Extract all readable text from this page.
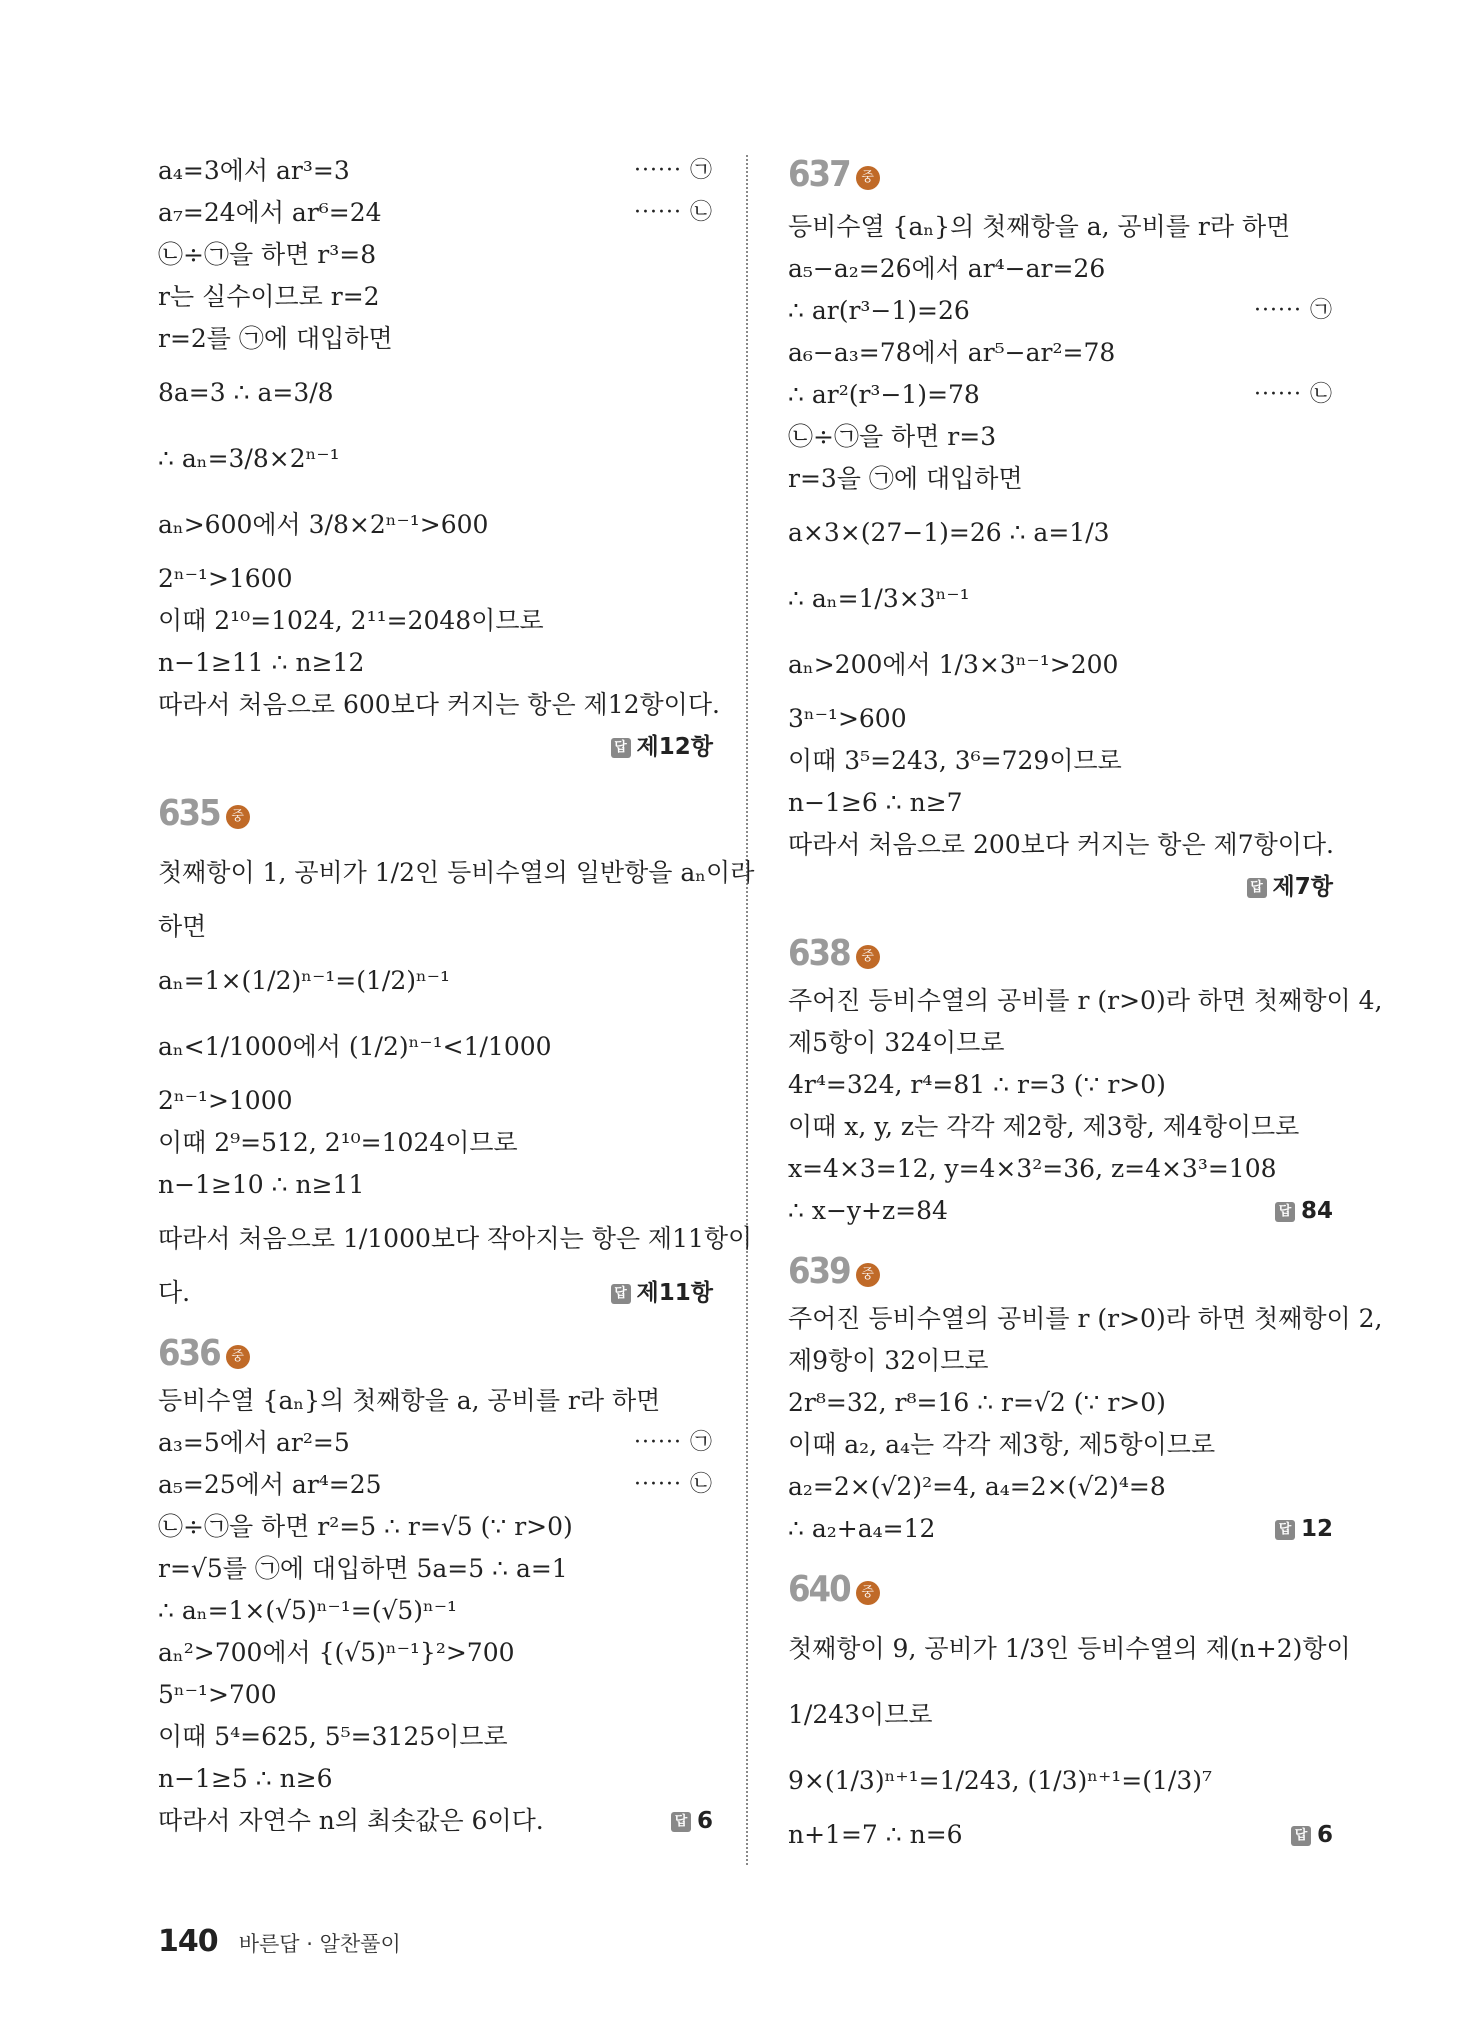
a₄=3에서 ar³=3	······ ㉠
a₇=24에서 ar⁶=24	······ ㉡
㉡÷㉠을 하면 r³=8
r는 실수이므로 r=2
r=2를 ㉠에 대입하면
8a=3 ∴ a=3/8
∴ aₙ=3/8×2ⁿ⁻¹
aₙ>600에서 3/8×2ⁿ⁻¹>600
2ⁿ⁻¹>1600
이때 2¹⁰=1024, 2¹¹=2048이므로
n−1≥11 ∴ n≥12
따라서 처음으로 600보다 커지는 항은 제12항이다.
답 제12항
635 중
첫째항이 1, 공비가 1/2인 등비수열의 일반항을 aₙ이라
하면
aₙ=1×(1/2)ⁿ⁻¹=(1/2)ⁿ⁻¹
aₙ<1/1000에서 (1/2)ⁿ⁻¹<1/1000
2ⁿ⁻¹>1000
이때 2⁹=512, 2¹⁰=1024이므로
n−1≥10 ∴ n≥11
따라서 처음으로 1/1000보다 작아지는 항은 제11항이
다.	답 제11항
636 중
등비수열 {aₙ}의 첫째항을 a, 공비를 r라 하면
a₃=5에서 ar²=5	······ ㉠
a₅=25에서 ar⁴=25	······ ㉡
㉡÷㉠을 하면 r²=5 ∴ r=√5 (∵ r>0)
r=√5를 ㉠에 대입하면 5a=5 ∴ a=1
∴ aₙ=1×(√5)ⁿ⁻¹=(√5)ⁿ⁻¹
aₙ²>700에서 {(√5)ⁿ⁻¹}²>700
5ⁿ⁻¹>700
이때 5⁴=625, 5⁵=3125이므로
n−1≥5 ∴ n≥6
따라서 자연수 n의 최솟값은 6이다.	답 6
637 중
등비수열 {aₙ}의 첫째항을 a, 공비를 r라 하면
a₅−a₂=26에서 ar⁴−ar=26
∴ ar(r³−1)=26	······ ㉠
a₆−a₃=78에서 ar⁵−ar²=78
∴ ar²(r³−1)=78	······ ㉡
㉡÷㉠을 하면 r=3
r=3을 ㉠에 대입하면
a×3×(27−1)=26 ∴ a=1/3
∴ aₙ=1/3×3ⁿ⁻¹
aₙ>200에서 1/3×3ⁿ⁻¹>200
3ⁿ⁻¹>600
이때 3⁵=243, 3⁶=729이므로
n−1≥6 ∴ n≥7
따라서 처음으로 200보다 커지는 항은 제7항이다.
답 제7항
638 중
주어진 등비수열의 공비를 r (r>0)라 하면 첫째항이 4,
제5항이 324이므로
4r⁴=324, r⁴=81 ∴ r=3 (∵ r>0)
이때 x, y, z는 각각 제2항, 제3항, 제4항이므로
x=4×3=12, y=4×3²=36, z=4×3³=108
∴ x−y+z=84	답 84
639 중
주어진 등비수열의 공비를 r (r>0)라 하면 첫째항이 2,
제9항이 32이므로
2r⁸=32, r⁸=16 ∴ r=√2 (∵ r>0)
이때 a₂, a₄는 각각 제3항, 제5항이므로
a₂=2×(√2)²=4, a₄=2×(√2)⁴=8
∴ a₂+a₄=12	답 12
640 중
첫째항이 9, 공비가 1/3인 등비수열의 제(n+2)항이
1/243이므로
9×(1/3)ⁿ⁺¹=1/243, (1/3)ⁿ⁺¹=(1/3)⁷
n+1=7 ∴ n=6	답 6
140 바른답 · 알찬풀이
